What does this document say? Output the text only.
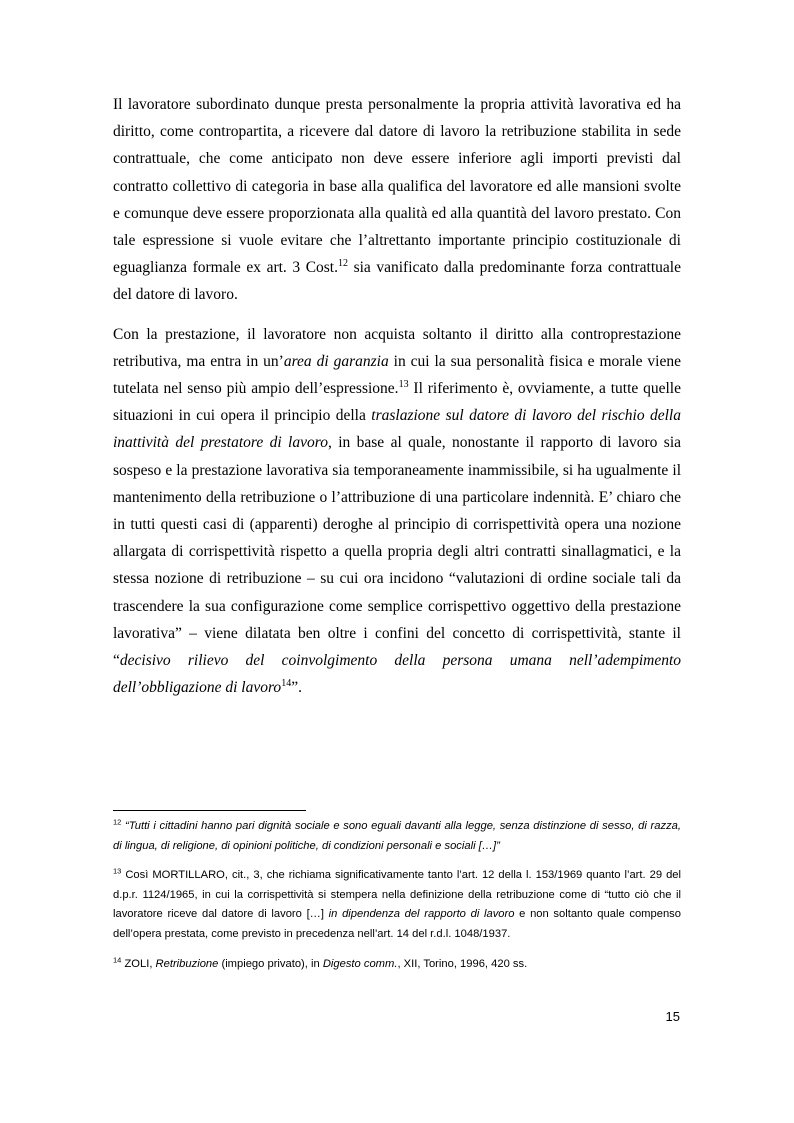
Il lavoratore subordinato dunque presta personalmente la propria attività lavorativa ed ha diritto, come contropartita, a ricevere dal datore di lavoro la retribuzione stabilita in sede contrattuale, che come anticipato non deve essere inferiore agli importi previsti dal contratto collettivo di categoria in base alla qualifica del lavoratore ed alle mansioni svolte e comunque deve essere proporzionata alla qualità ed alla quantità del lavoro prestato. Con tale espressione si vuole evitare che l’altrettanto importante principio costituzionale di eguaglianza formale ex art. 3 Cost.$^{12}$ sia vanificato dalla predominante forza contrattuale del datore di lavoro.

Con la prestazione, il lavoratore non acquista soltanto il diritto alla controprestazione retributiva, ma entra in un’area di garanzia in cui la sua personalità fisica e morale viene tutelata nel senso più ampio dell’espressione.$^{13}$ Il riferimento è, ovviamente, a tutte quelle situazioni in cui opera il principio della traslazione sul datore di lavoro del rischio della inattività del prestatore di lavoro, in base al quale, nonostante il rapporto di lavoro sia sospeso e la prestazione lavorativa sia temporaneamente inammissibile, si ha ugualmente il mantenimento della retribuzione o l’attribuzione di una particolare indennità. E’ chiaro che in tutti questi casi di (apparenti) deroghe al principio di corrispettività opera una nozione allargata di corrispettività rispetto a quella propria degli altri contratti sinallagmatici, e la stessa nozione di retribuzione – su cui ora incidono “valutazioni di ordine sociale tali da trascendere la sua configurazione come semplice corrispettivo oggettivo della prestazione lavorativa” – viene dilatata ben oltre i confini del concetto di corrispettività, stante il “decisivo rilievo del coinvolgimento della persona umana nell’adempimento dell’obbligazione di lavoro$^{14}$”.

$^{12}$ “Tutti i cittadini hanno pari dignità sociale e sono eguali davanti alla legge, senza distinzione di sesso, di razza, di lingua, di religione, di opinioni politiche, di condizioni personali e sociali […]”

$^{13}$ Così MORTILLARO, cit., 3, che richiama significativamente tanto l’art. 12 della l. 153/1969 quanto l’art. 29 del d.p.r. 1124/1965, in cui la corrispettività si stempera nella definizione della retribuzione come di “tutto ciò che il lavoratore riceve dal datore di lavoro […] in dipendenza del rapporto di lavoro e non soltanto quale compenso dell’opera prestata, come previsto in precedenza nell’art. 14 del r.d.l. 1048/1937.

$^{14}$ ZOLI, Retribuzione (impiego privato), in Digesto comm., XII, Torino, 1996, 420 ss.

15
